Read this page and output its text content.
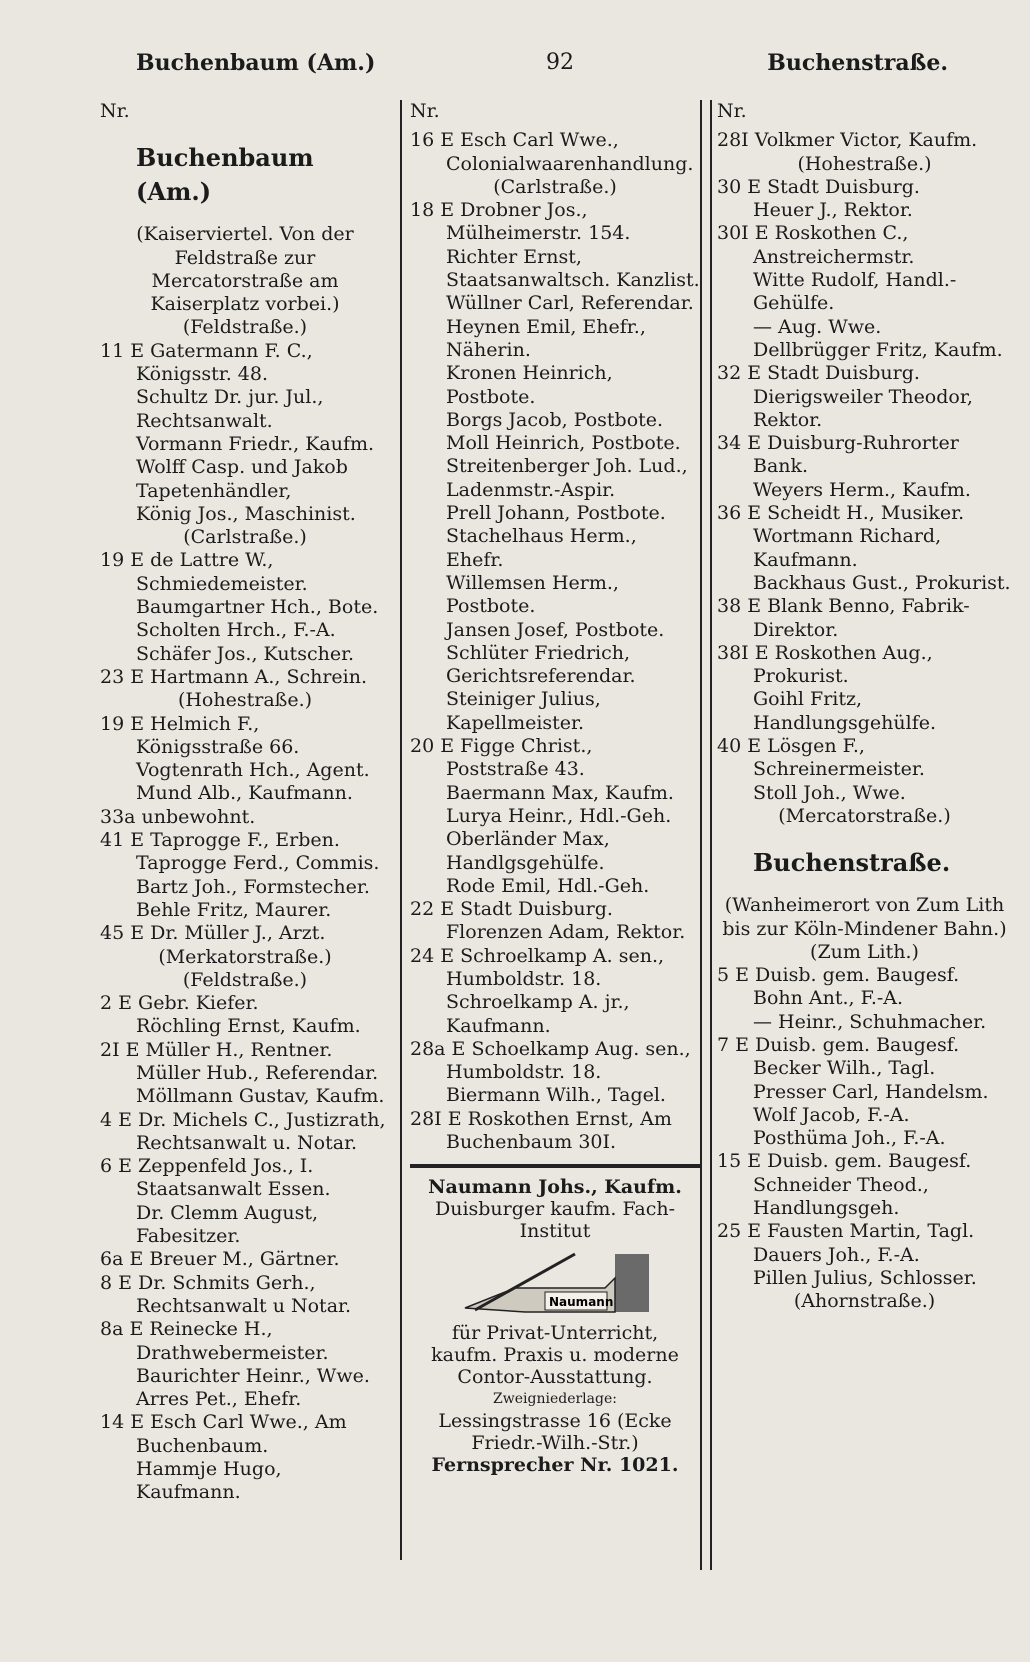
Buchenbaum (Am.)	92	Buchenstraße.
Nr.
Buchenbaum (Am.)
(Kaiserviertel. Von der Feldstraße zur Mercatorstraße am Kaiserplatz vorbei.)
(Feldstraße.)
11 E Gatermann F. C., Königsstr. 48.
Schultz Dr. jur. Jul., Rechtsanwalt.
Vormann Friedr., Kaufm.
Wolff Casp. und Jakob Tapetenhändler,
König Jos., Maschinist.
(Carlstraße.)
19 E de Lattre W., Schmiedemeister.
Baumgartner Hch., Bote.
Scholten Hrch., F.-A.
Schäfer Jos., Kutscher.
23 E Hartmann A., Schrein.
(Hohestraße.)
19 E Helmich F., Königsstraße 66.
Vogtenrath Hch., Agent.
Mund Alb., Kaufmann.
33a unbewohnt.
41 E Taprogge F., Erben.
Taprogge Ferd., Commis.
Bartz Joh., Formstecher.
Behle Fritz, Maurer.
45 E Dr. Müller J., Arzt.
(Merkatorstraße.)
(Feldstraße.)
2 E Gebr. Kiefer.
Röchling Ernst, Kaufm.
2I E Müller H., Rentner.
Müller Hub., Referendar.
Möllmann Gustav, Kaufm.
4 E Dr. Michels C., Justizrath, Rechtsanwalt u. Notar.
6 E Zeppenfeld Jos., I. Staatsanwalt Essen.
Dr. Clemm August, Fabesitzer.
6a E Breuer M., Gärtner.
8 E Dr. Schmits Gerh., Rechtsanwalt u Notar.
8a E Reinecke H., Drathwebermeister.
Baurichter Heinr., Wwe.
Arres Pet., Ehefr.
14 E Esch Carl Wwe., Am Buchenbaum.
Hammje Hugo, Kaufmann.
Nr.
16 E Esch Carl Wwe., Colonialwaarenhandlung.
(Carlstraße.)
18 E Drobner Jos., Mülheimerstr. 154.
Richter Ernst, Staatsanwaltsch. Kanzlist.
Wüllner Carl, Referendar.
Heynen Emil, Ehefr., Näherin.
Kronen Heinrich, Postbote.
Borgs Jacob, Postbote.
Moll Heinrich, Postbote.
Streitenberger Joh. Lud., Ladenmstr.-Aspir.
Prell Johann, Postbote.
Stachelhaus Herm., Ehefr.
Willemsen Herm., Postbote.
Jansen Josef, Postbote.
Schlüter Friedrich, Gerichtsreferendar.
Steiniger Julius, Kapellmeister.
20 E Figge Christ., Poststraße 43.
Baermann Max, Kaufm.
Lurya Heinr., Hdl.-Geh.
Oberländer Max, Handlgsgehülfe.
Rode Emil, Hdl.-Geh.
22 E Stadt Duisburg.
Florenzen Adam, Rektor.
24 E Schroelkamp A. sen., Humboldstr. 18.
Schroelkamp A. jr., Kaufmann.
28a E Schoelkamp Aug. sen., Humboldstr. 18.
Biermann Wilh., Tagel.
28I E Roskothen Ernst, Am Buchenbaum 30I.
Naumann Johs., Kaufm.
Duisburger kaufm. Fach-
Institut
Naumann
für Privat-Unterricht,
kaufm. Praxis u. moderne
Contor-Ausstattung.
Zweigniederlage:
Lessingstrasse 16 (Ecke
Friedr.-Wilh.-Str.)
Fernsprecher Nr. 1021.
Nr.
28I Volkmer Victor, Kaufm.
(Hohestraße.)
30 E Stadt Duisburg.
Heuer J., Rektor.
30I E Roskothen C., Anstreichermstr.
Witte Rudolf, Handl.-Gehülfe.
— Aug. Wwe.
Dellbrügger Fritz, Kaufm.
32 E Stadt Duisburg.
Dierigsweiler Theodor, Rektor.
34 E Duisburg-Ruhrorter Bank.
Weyers Herm., Kaufm.
36 E Scheidt H., Musiker.
Wortmann Richard, Kaufmann.
Backhaus Gust., Prokurist.
38 E Blank Benno, Fabrik-Direktor.
38I E Roskothen Aug., Prokurist.
Goihl Fritz, Handlungsgehülfe.
40 E Lösgen F., Schreinermeister.
Stoll Joh., Wwe.
(Mercatorstraße.)
Buchenstraße.
(Wanheimerort von Zum Lith bis zur Köln-Mindener Bahn.)
(Zum Lith.)
5 E Duisb. gem. Baugesf.
Bohn Ant., F.-A.
— Heinr., Schuhmacher.
7 E Duisb. gem. Baugesf.
Becker Wilh., Tagl.
Presser Carl, Handelsm.
Wolf Jacob, F.-A.
Posthüma Joh., F.-A.
15 E Duisb. gem. Baugesf.
Schneider Theod., Handlungsgeh.
25 E Fausten Martin, Tagl.
Dauers Joh., F.-A.
Pillen Julius, Schlosser.
(Ahornstraße.)
